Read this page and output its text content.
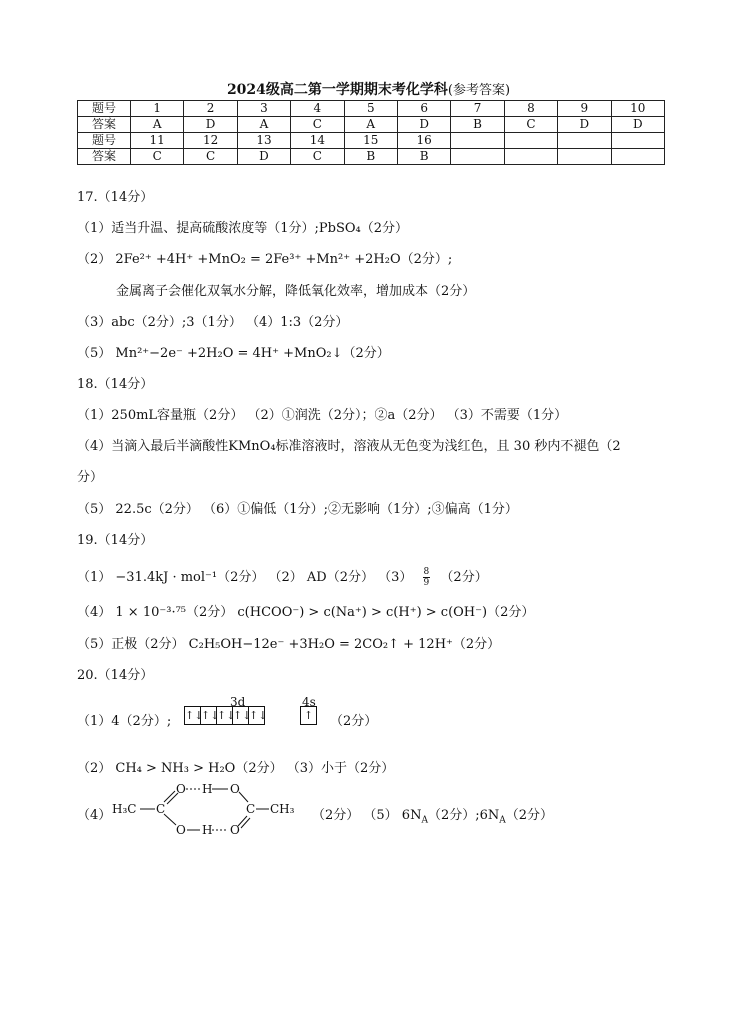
2024级高二第一学期期末考化学科(参考答案)
题号	1	2	3	4	5	6	7	8	9	10
答案	A	D	A	C	A	D	B	C	D	D
题号	11	12	13	14	15	16				
答案	C	C	D	C	B	B				
17.（14分）
（1）适当升温、提高硫酸浓度等（1分）;PbSO₄（2分）
（2） 2Fe²⁺ +4H⁺ +MnO₂ = 2Fe³⁺ +Mn²⁺ +2H₂O（2分）;
金属离子会催化双氧水分解，降低氧化效率，增加成本（2分）
（3）abc（2分）;3（1分） （4）1:3（2分）
（5） Mn²⁺−2e⁻ +2H₂O = 4H⁺ +MnO₂↓（2分）
18.（14分）
（1）250mL容量瓶（2分） （2）①润洗（2分）；②a（2分） （3）不需要（1分）
（4）当滴入最后半滴酸性KMnO₄标准溶液时，溶液从无色变为浅红色，且 30 秒内不褪色（2
分）
（5） 22.5c（2分） （6）①偏低（1分）;②无影响（1分）;③偏高（1分）
19.（14分）
（1） −31.4kJ · mol⁻¹（2分） （2） AD（2分） $(3) \frac{8}{9} (2$分）
（4） 1 × 10⁻³·⁷⁵（2分） c(HCOO⁻) > c(Na⁺) > c(H⁺) > c(OH⁻)（2分）
（5）正极（2分） C₂H₅OH−12e⁻ +3H₂O = 2CO₂↑ + 12H⁺（2分）
20.（14分）
（1）4（2分）;
3d	4s
↑↓↑↓↑↓↑↓↑↓	↑ （2分）
（2） CH₄ > NH₃ > H₂O（2分） （3）小于（2分）
（4） H₃C C
O
O
H
H
O
O
C CH₃ （2分） （5） $6N_A(2$分）$;6N_A(2$分）
